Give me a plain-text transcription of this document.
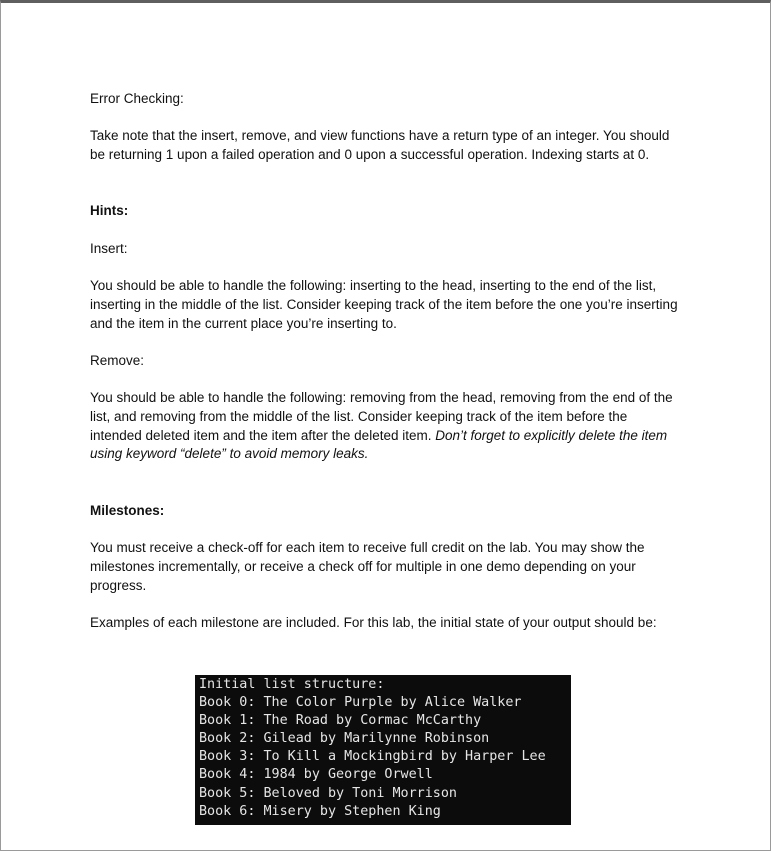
Error Checking:

Take note that the insert, remove, and view functions have a return type of an integer. You should be returning 1 upon a failed operation and 0 upon a successful operation. Indexing starts at 0.

Hints:

Insert:

You should be able to handle the following: inserting to the head, inserting to the end of the list, inserting in the middle of the list. Consider keeping track of the item before the one you’re inserting and the item in the current place you’re inserting to.

Remove:

You should be able to handle the following: removing from the head, removing from the end of the list, and removing from the middle of the list. Consider keeping track of the item before the intended deleted item and the item after the deleted item. Don’t forget to explicitly delete the item using keyword “delete” to avoid memory leaks.

Milestones:

You must receive a check-off for each item to receive full credit on the lab. You may show the milestones incrementally, or receive a check off for multiple in one demo depending on your progress.

Examples of each milestone are included. For this lab, the initial state of your output should be:

Initial list structure:
Book 0: The Color Purple by Alice Walker
Book 1: The Road by Cormac McCarthy
Book 2: Gilead by Marilynne Robinson
Book 3: To Kill a Mockingbird by Harper Lee
Book 4: 1984 by George Orwell
Book 5: Beloved by Toni Morrison
Book 6: Misery by Stephen King
